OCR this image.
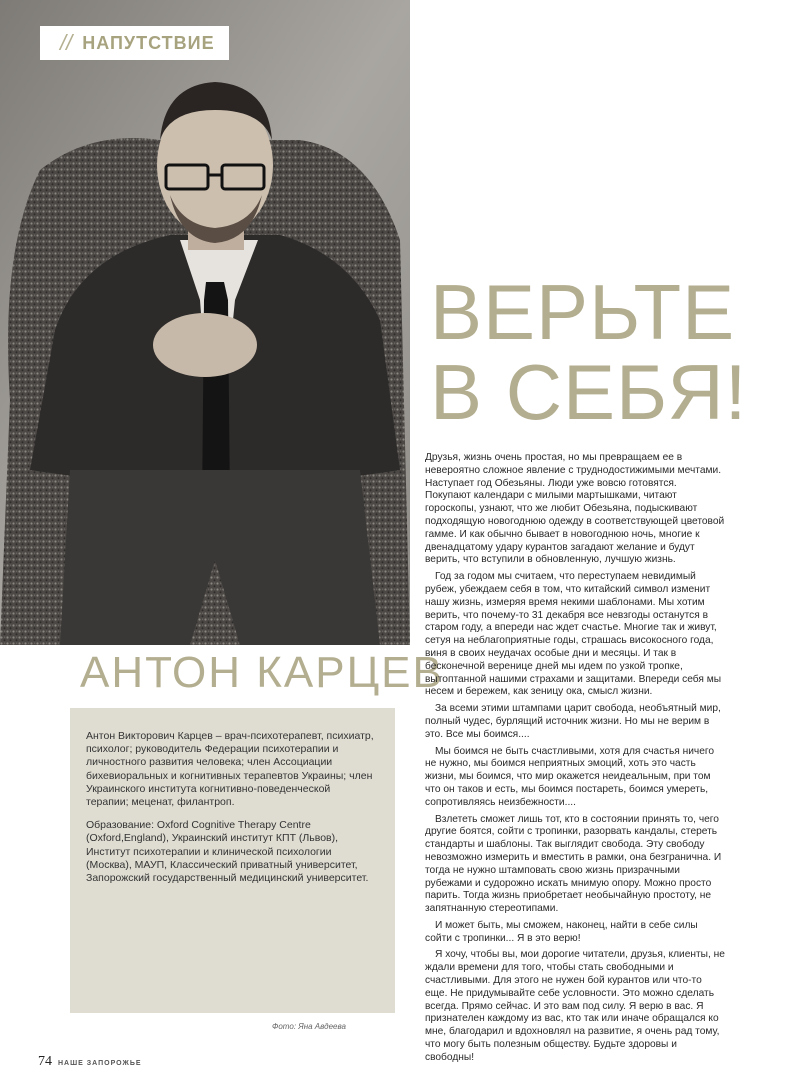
// НАПУТСТВИЕ
ВЕРЬТЕ
В СЕБЯ!
АНТОН КАРЦЕВ

Антон Викторович Карцев – врач-психотерапевт, психиатр, психолог; руководитель Федерации психотерапии и личностного развития человека; член Ассоциации бихевиоральных и когнитивных терапевтов Украины; член Украинского института когнитивно-поведенческой терапии; меценат, филантроп.

Образование: Oxford Cognitive Therapy Centre (Oxford,England), Украинский институт КПТ (Львов), Институт психотерапии и клинической психологии (Москва), МАУП, Классический приватный университет, Запорожский государственный медицинский университет.

Фото: Яна Авдеева

Друзья, жизнь очень простая, но мы превращаем ее в невероятно сложное явление с труднодостижимыми мечтами. Наступает год Обезьяны. Люди уже вовсю готовятся. Покупают календари с милыми мартышками, читают гороскопы, узнают, что же любит Обезьяна, подыскивают подходящую новогоднюю одежду в соответствующей цветовой гамме. И как обычно бывает в новогоднюю ночь, многие к двенадцатому удару курантов загадают желание и будут верить, что вступили в обновленную, лучшую жизнь.

Год за годом мы считаем, что переступаем невидимый рубеж, убеждаем себя в том, что китайский символ изменит нашу жизнь, измеряя время некими шаблонами. Мы хотим верить, что почему-то 31 декабря все невзгоды останутся в старом году, а впереди нас ждет счастье. Многие так и живут, сетуя на неблагоприятные годы, страшась високосного года, виня в своих неудачах особые дни и месяцы. И так в бесконечной веренице дней мы идем по узкой тропке, вытоптанной нашими страхами и защитами. Впереди себя мы несем и бережем, как зеницу ока, смысл жизни.

За всеми этими штампами царит свобода, необъятный мир, полный чудес, бурлящий источник жизни. Но мы не верим в это. Все мы боимся....

Мы боимся не быть счастливыми, хотя для счастья ничего не нужно, мы боимся неприятных эмоций, хоть это часть жизни, мы боимся, что мир окажется неидеальным, при том что он таков и есть, мы боимся постареть, боимся умереть, сопротивляясь неизбежности....

Взлететь сможет лишь тот, кто в состоянии принять то, чего другие боятся, сойти с тропинки, разорвать кандалы, стереть стандарты и шаблоны. Так выглядит свобода. Эту свободу невозможно измерить и вместить в рамки, она безгранична. И тогда не нужно штамповать свою жизнь призрачными рубежами и судорожно искать мнимую опору. Можно просто парить. Тогда жизнь приобретает необычайную простоту, не запятнанную стереотипами.

И может быть, мы сможем, наконец, найти в себе силы сойти с тропинки... Я в это верю!

Я хочу, чтобы вы, мои дорогие читатели, друзья, клиенты, не ждали времени для того, чтобы стать свободными и счастливыми. Для этого не нужен бой курантов или что-то еще. Не придумывайте себе условности. Это можно сделать всегда. Прямо сейчас. И это вам под силу. Я верю в вас. Я признателен каждому из вас, кто так или иначе обращался ко мне, благодарил и вдохновлял на развитие, я очень рад тому, что могу быть полезным обществу. Будьте здоровы и свободны!

74 НАШЕ ЗАПОРОЖЬЕ
